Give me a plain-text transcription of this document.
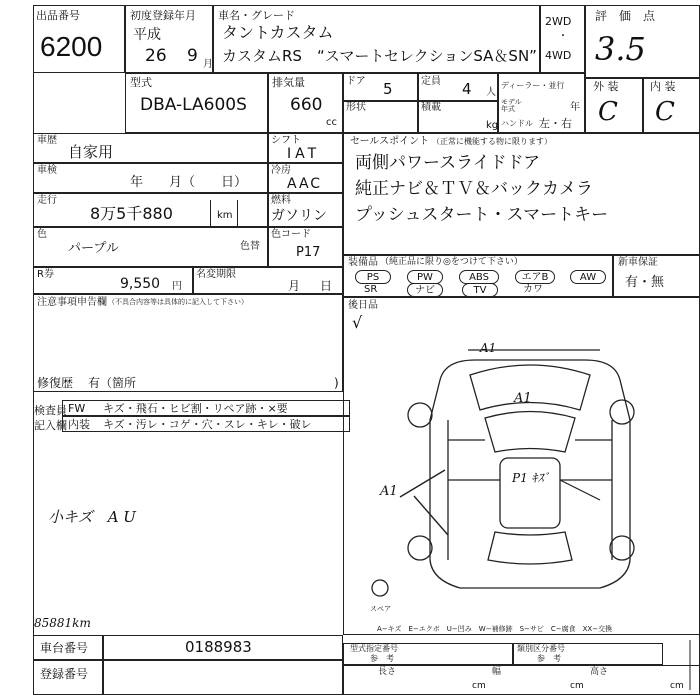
出品番号
6200
初度登録年月
平成
26 9 月
車名・グレード
タントカスタム
カスタムRS　“スマートセレクションSA＆SN”
2WD
・
4WD
評　価　点
3.5
型式
DBA-LA600S
排気量
660
cc
ドア 5	定員 4 人
形状	積載
kg
ディーラー・並行
モデル年式	年
ハンドル 左・右
外 装	内 装
C C
車歴
自家用
車検
年　　月（　　日）
走行
8万5千880	km
色
パープル	色替
R券
9,550 円
名変期限
月 日
シフト
IAT
冷房
AAC
燃料
ガソリン
色コード
P17
注意事項申告欄 （不具合内容等は具体的に記入して下さい）
修復歴 有（箇所	)
セールスポイント （正常に機能する物に限ります）
両側パワースライドドア
純正ナビ＆ＴＶ＆バックカメラ
プッシュスタート・スマートキー
装備品 （純正品に限り◎をつけて下さい）
PS	PW	ABS	エアB	AW
SR	ナビ	TV	カワ
新車保証
有・無
検査員
記入欄
FW キズ・飛石・ヒビ割・リペア跡・×要
内装 キズ・汚レ・コゲ・穴・スレ・キレ・破レ
後日品
√
小キズ　A U
85881km
A1
A1
A1
P1 ｷｽﾞ
スペア
A−キズ　E−エクボ　U−凹み　W−補修跡　S−サビ　C−腐食　XX−交換
車台番号	0188983
登録番号
型式指定番号
参　考
類別区分番号
参　考
長さ
cm
幅
cm
高さ
cm
